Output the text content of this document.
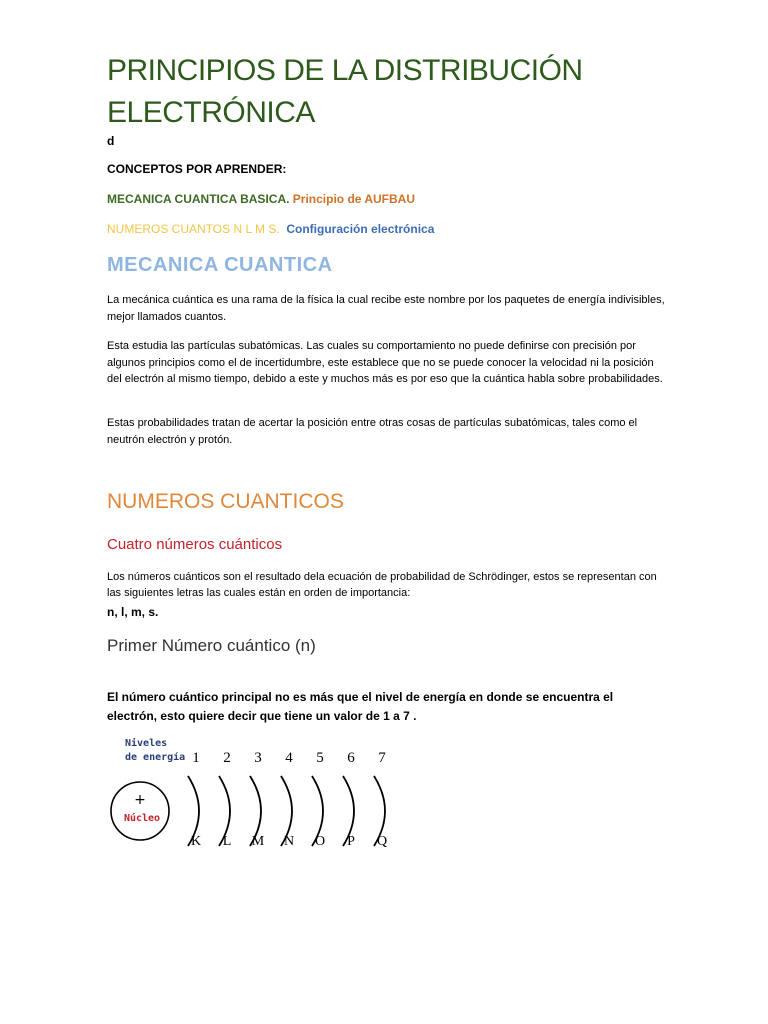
PRINCIPIOS DE LA DISTRIBUCIÓN ELECTRÓNICA
d
CONCEPTOS POR APRENDER:
MECANICA CUANTICA BASICA. Principio de AUFBAU
NUMEROS CUANTOS N L M S. Configuración electrónica
MECANICA CUANTICA
La mecánica cuántica es una rama de la física la cual recibe este nombre por los paquetes de energía indivisibles, mejor llamados cuantos.
Esta estudia las partículas subatómicas. Las cuales su comportamiento no puede definirse con precisión por algunos principios como el de incertidumbre, este establece que no se puede conocer la velocidad ni la posición del electrón al mismo tiempo, debido a este y muchos más es por eso que la cuántica habla sobre probabilidades.
Estas probabilidades tratan de acertar la posición entre otras cosas de partículas subatómicas, tales como el neutrón electrón y protón.
NUMEROS CUANTICOS
Cuatro números cuánticos
Los números cuánticos son el resultado dela ecuación de probabilidad de Schrödinger, estos se representan con las siguientes letras las cuales están en orden de importancia:
n, l, m, s.
Primer Número cuántico (n)
El número cuántico principal no es más que el nivel de energía en donde se encuentra el electrón, esto quiere decir que tiene un valor de 1 a 7 .
Niveles
de energía
+
Núcleo
1 2 3 4 5 6 7
K L M N O P Q
